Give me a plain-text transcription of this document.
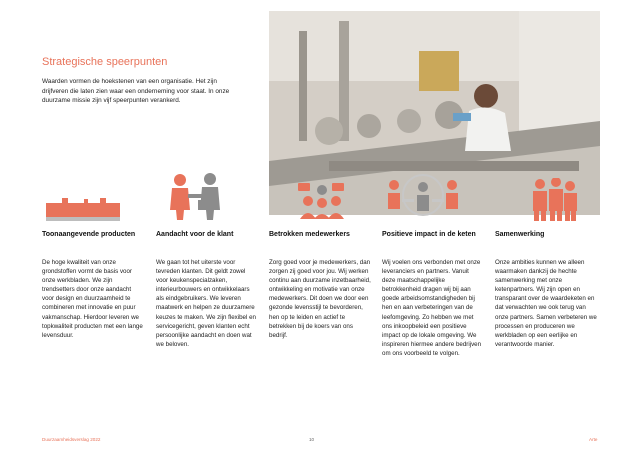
Strategische speerpunten
Waarden vormen de hoekstenen van een organisatie. Het zijn drijfveren die laten zien waar een onderneming voor staat. In onze duurzame missie zijn vijf speerpunten verankerd.
Toonaangevende producten
De hoge kwaliteit van onze grondstoffen vormt de basis voor onze werkbladen. We zijn trendsetters door onze aandacht voor design en duurzaamheid te combineren met innovatie en puur vakmanschap. Hierdoor leveren we topkwaliteit producten met een lange levensduur.
Aandacht voor de klant
We gaan tot het uiterste voor tevreden klanten. Dit geldt zowel voor keukenspecialzaken, interieurbouwers en ontwikkelaars als eindgebruikers. We leveren maatwerk en helpen ze duurzamere keuzes te maken. We zijn flexibel en servicegericht, geven klanten echt persoonlijke aandacht en doen wat we beloven.
Betrokken medewerkers
Zorg goed voor je medewerkers, dan zorgen zij goed voor jou. Wij werken continu aan duurzame inzetbaarheid, ontwikkeling en motivatie van onze medewerkers. Dit doen we door een gezonde levensstijl te bevorderen, hen op te leiden en actief te betrekken bij de koers van ons bedrijf.
Positieve impact in de keten
Wij voelen ons verbonden met onze leveranciers en partners. Vanuit deze maatschappelijke betrokkenheid dragen wij bij aan goede arbeidsomstandigheden bij hen en aan verbeteringen van de leefomgeving. Zo hebben we met ons inkoopbeleid een positieve impact op de lokale omgeving. We inspireren hiermee andere bedrijven om ons voorbeeld te volgen.
Samenwerking
Onze ambities kunnen we alleen waarmaken dankzij de hechte samenwerking met onze ketenpartners. Wij zijn open en transparant over de waardeketen en dat verwachten we ook terug van onze partners. Samen verbeteren we processen en produceren we werkbladen op een eerlijke en verantwoorde manier.
Duurzaamheidsverslag 2022	10	Arte
